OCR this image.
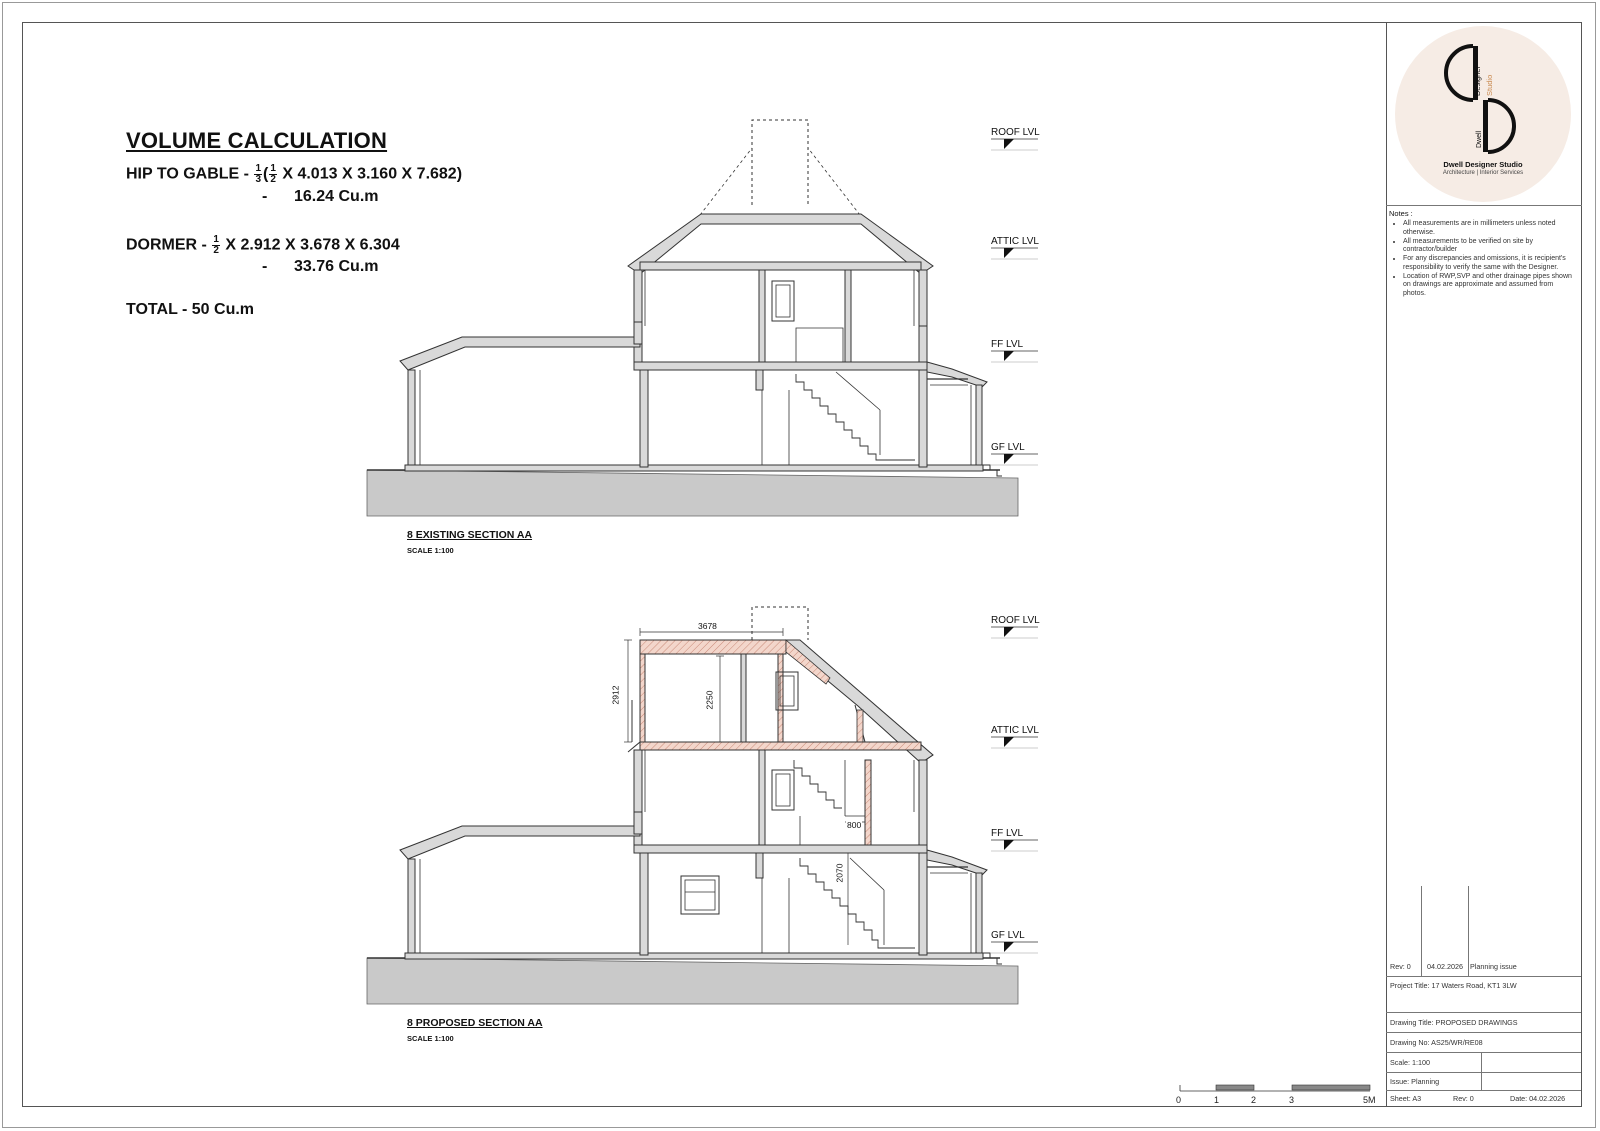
VOLUME CALCULATION
HIP TO GABLE - $\frac{1}{3}$ ( $\frac{1}{2}$ X 4.013 X 3.160 X 7.682)
-      16.24 Cu.m
DORMER - $\frac{1}{2}$ X 2.912 X 3.678 X 6.304
-      33.76 Cu.m
TOTAL - 50 Cu.m
ROOF LVL
ATTIC LVL
FF LVL
GF LVL
ROOF LVL
ATTIC LVL
FF LVL
GF LVL
3678
2912	2250
800
2070
8 EXISTING SECTION AA
SCALE 1:100
8 PROPOSED SECTION AA
SCALE 1:100
0	1	2	3	5M
Designer Studio
Dwell
Dwell Designer Studio
Architecture | Interior Services
Notes :
• All measurements are in millimeters unless noted otherwise.
• All measurements to be verified on site by contractor/builder
• For any discrepancies and omissions, it is recipient's responsibility to verify the same with the Designer.
• Location of RWP,SVP and other drainage pipes shown on drawings are approximate and assumed from photos.
Rev: 0 04.02.2026 Planning issue
Project Title: 17 Waters Road, KT1 3LW
Drawing Title: PROPOSED DRAWINGS
Drawing No: AS25/WR/RE08
Scale: 1:100
Issue: Planning
Sheet: A3	Rev: 0	Date: 04.02.2026
